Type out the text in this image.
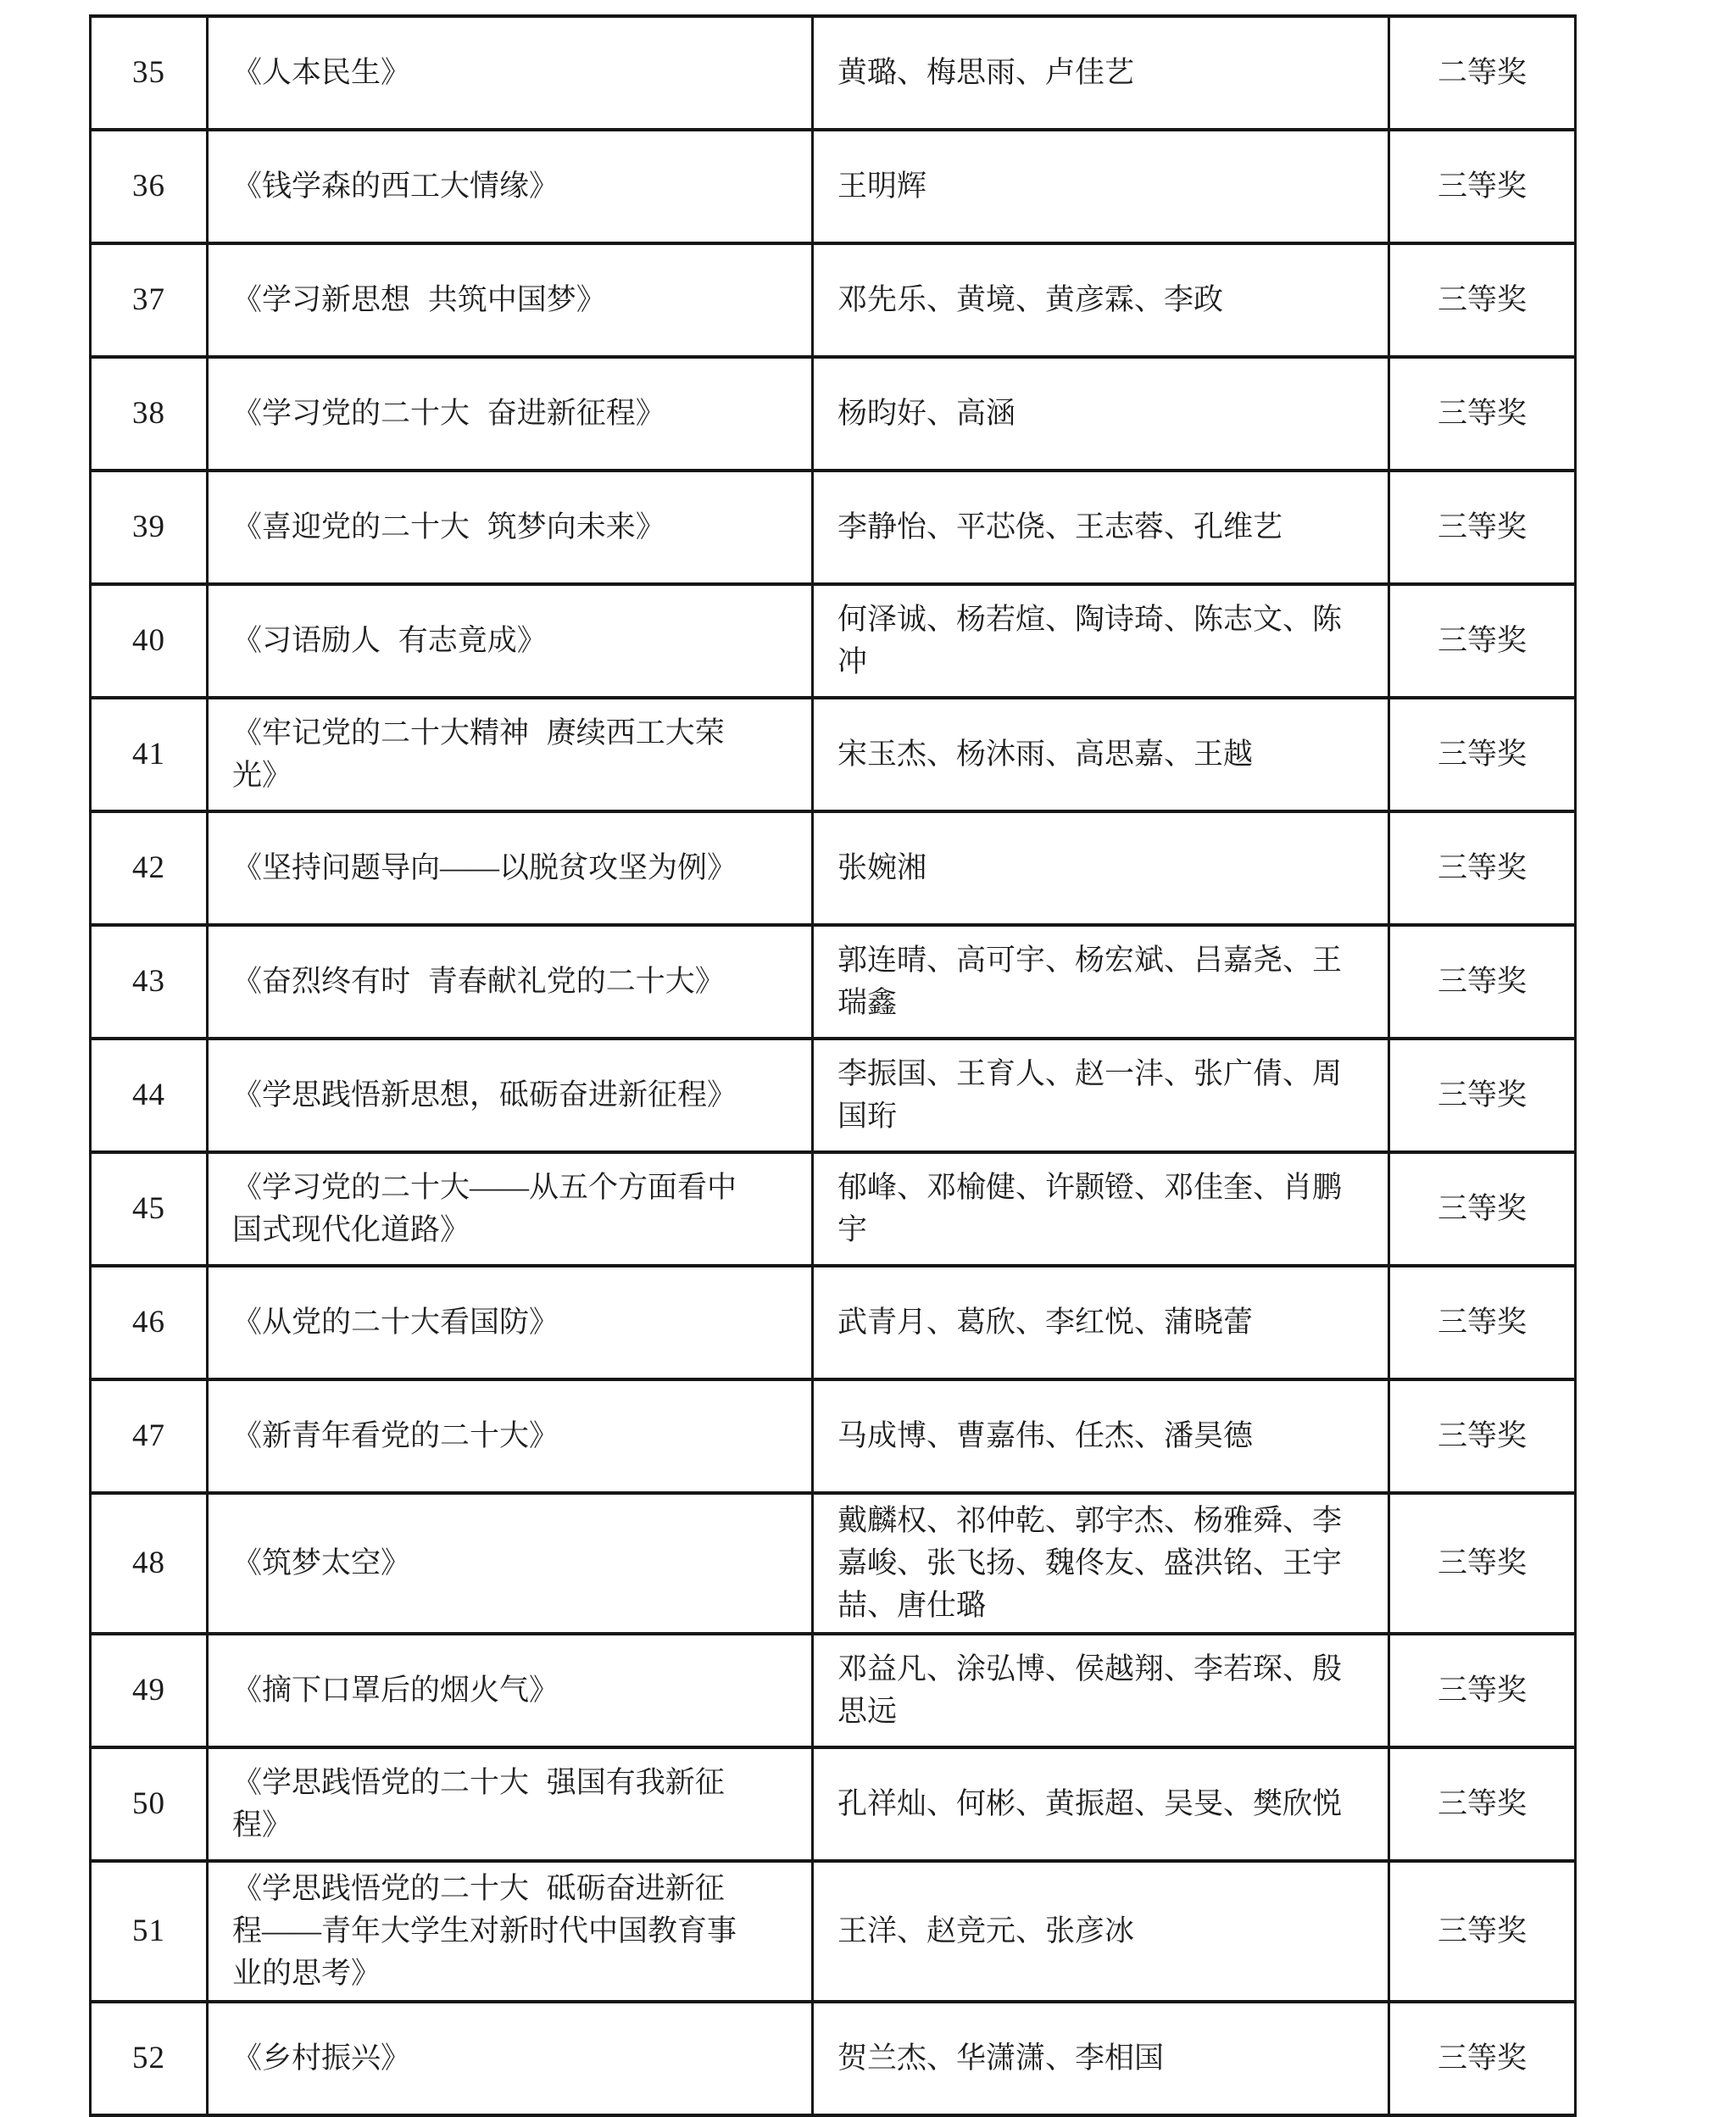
35	《人本民生》	黄璐、梅思雨、卢佳艺	二等奖
36	《钱学森的西工大情缘》	王明辉	三等奖
37	《学习新思想 共筑中国梦》	邓先乐、黄境、黄彦霖、李政	三等奖
38	《学习党的二十大 奋进新征程》	杨昀好、高涵	三等奖
39	《喜迎党的二十大 筑梦向未来》	李静怡、平芯侥、王志蓉、孔维艺	三等奖
40	《习语励人 有志竟成》	何泽诚、杨若煊、陶诗琦、陈志文、陈冲	三等奖
41	《牢记党的二十大精神 赓续西工大荣光》	宋玉杰、杨沐雨、高思嘉、王越	三等奖
42	《坚持问题导向——以脱贫攻坚为例》	张婉湘	三等奖
43	《奋烈终有时 青春献礼党的二十大》	郭连晴、高可宇、杨宏斌、吕嘉尧、王瑞鑫	三等奖
44	《学思践悟新思想，砥砺奋进新征程》	李振国、王育人、赵一沣、张广倩、周国珩	三等奖
45	《学习党的二十大——从五个方面看中国式现代化道路》	郁峰、邓榆健、许颢镫、邓佳奎、肖鹏宇	三等奖
46	《从党的二十大看国防》	武青月、葛欣、李红悦、蒲晓蕾	三等奖
47	《新青年看党的二十大》	马成博、曹嘉伟、任杰、潘昊德	三等奖
48	《筑梦太空》	戴麟权、祁仲乾、郭宇杰、杨雅舜、李嘉峻、张飞扬、魏佟友、盛洪铭、王宇喆、唐仕璐	三等奖
49	《摘下口罩后的烟火气》	邓益凡、涂弘博、侯越翔、李若琛、殷思远	三等奖
50	《学思践悟党的二十大 强国有我新征程》	孔祥灿、何彬、黄振超、吴旻、樊欣悦	三等奖
51	《学思践悟党的二十大 砥砺奋进新征程——青年大学生对新时代中国教育事业的思考》	王洋、赵竞元、张彦冰	三等奖
52	《乡村振兴》	贺兰杰、华潇潇、李相国	三等奖
